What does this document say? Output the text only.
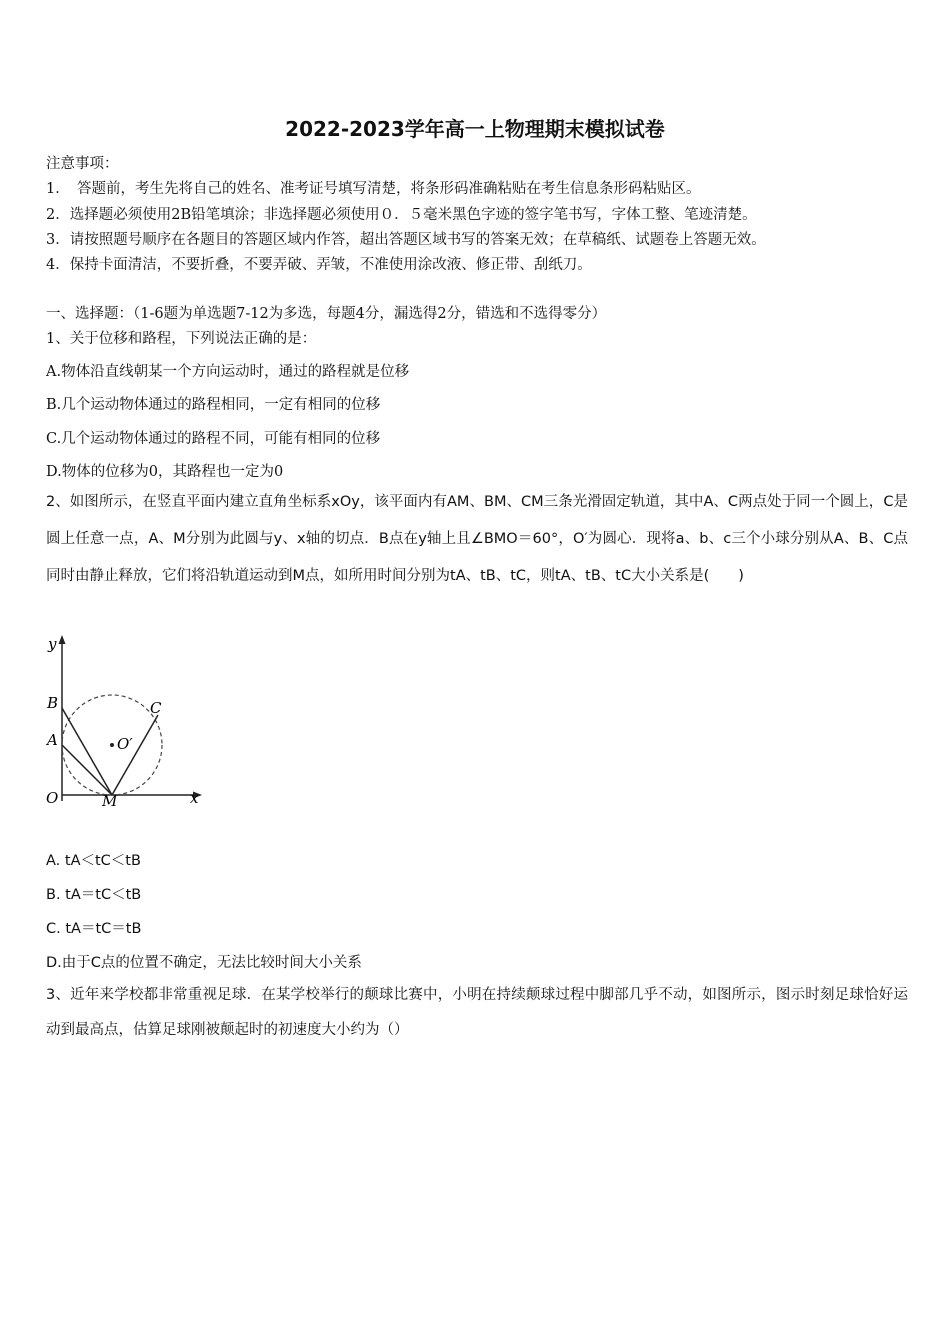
2022-2023学年高一上物理期末模拟试卷
注意事项：
1．　答题前，考生先将自己的姓名、准考证号填写清楚，将条形码准确粘贴在考生信息条形码粘贴区。
2．选择题必须使用2B铅笔填涂；非选择题必须使用０．５毫米黑色字迹的签字笔书写，字体工整、笔迹清楚。
3．请按照题号顺序在各题目的答题区域内作答，超出答题区域书写的答案无效；在草稿纸、试题卷上答题无效。
4．保持卡面清洁，不要折叠，不要弄破、弄皱，不准使用涂改液、修正带、刮纸刀。
一、选择题：（1-6题为单选题7-12为多选，每题4分，漏选得2分，错选和不选得零分）
1、关于位移和路程，下列说法正确的是：
A.物体沿直线朝某一个方向运动时，通过的路程就是位移
B.几个运动物体通过的路程相同，一定有相同的位移
C.几个运动物体通过的路程不同，可能有相同的位移
D.物体的位移为0，其路程也一定为0
2、如图所示，在竖直平面内建立直角坐标系xOy，该平面内有AM、BM、CM三条光滑固定轨道，其中A、C两点处于同一个圆上，C是圆上任意一点，A、M分别为此圆与y、x轴的切点．B点在y轴上且∠BMO＝60°，O′为圆心．现将a、b、c三个小球分别从A、B、C点同时由静止释放，它们将沿轨道运动到M点，如所用时间分别为tA、tB、tC，则tA、tB、tC大小关系是(　　)
y
x
O	M
A
B	C
O′
A. tA＜tC＜tB
B. tA＝tC＜tB
C. tA＝tC＝tB
D.由于C点的位置不确定，无法比较时间大小关系
3、近年来学校都非常重视足球．在某学校举行的颠球比赛中，小明在持续颠球过程中脚部几乎不动，如图所示，图示时刻足球恰好运动到最高点，估算足球刚被颠起时的初速度大小约为（）
